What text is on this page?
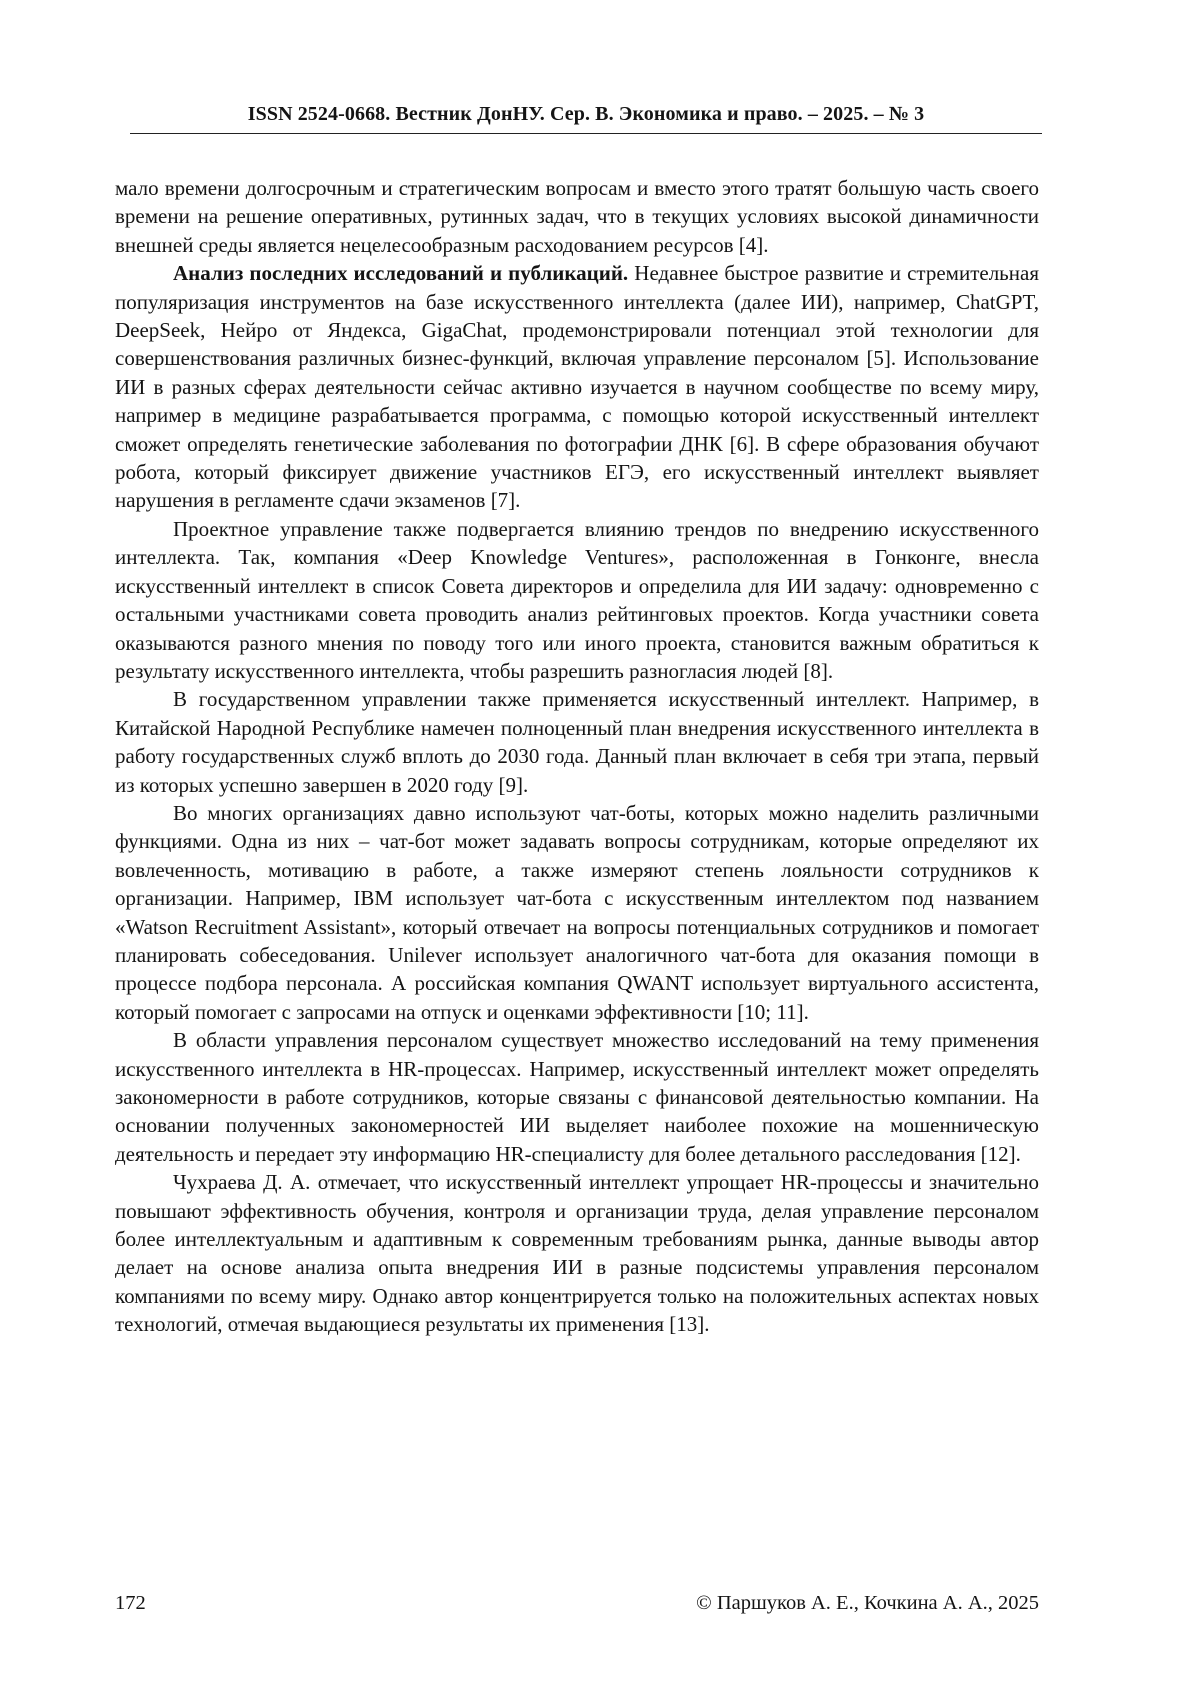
ISSN 2524-0668. Вестник ДонНУ. Сер. В. Экономика и право. – 2025. – № 3

мало времени долгосрочным и стратегическим вопросам и вместо этого тратят большую часть своего времени на решение оперативных, рутинных задач, что в текущих условиях высокой динамичности внешней среды является нецелесообразным расходованием ресурсов [4].

Анализ последних исследований и публикаций. Недавнее быстрое развитие и стремительная популяризация инструментов на базе искусственного интеллекта (далее ИИ), например, ChatGPT, DeepSeek, Нейро от Яндекса, GigaChat, продемонстрировали потенциал этой технологии для совершенствования различных бизнес-функций, включая управление персоналом [5]. Использование ИИ в разных сферах деятельности сейчас активно изучается в научном сообществе по всему миру, например в медицине разрабатывается программа, с помощью которой искусственный интеллект сможет определять генетические заболевания по фотографии ДНК [6]. В сфере образования обучают робота, который фиксирует движение участников ЕГЭ, его искусственный интеллект выявляет нарушения в регламенте сдачи экзаменов [7].

Проектное управление также подвергается влиянию трендов по внедрению искусственного интеллекта. Так, компания «Deep Knowledge Ventures», расположенная в Гонконге, внесла искусственный интеллект в список Совета директоров и определила для ИИ задачу: одновременно с остальными участниками совета проводить анализ рейтинговых проектов. Когда участники совета оказываются разного мнения по поводу того или иного проекта, становится важным обратиться к результату искусственного интеллекта, чтобы разрешить разногласия людей [8].

В государственном управлении также применяется искусственный интеллект. Например, в Китайской Народной Республике намечен полноценный план внедрения искусственного интеллекта в работу государственных служб вплоть до 2030 года. Данный план включает в себя три этапа, первый из которых успешно завершен в 2020 году [9].

Во многих организациях давно используют чат-боты, которых можно наделить различными функциями. Одна из них – чат-бот может задавать вопросы сотрудникам, которые определяют их вовлеченность, мотивацию в работе, а также измеряют степень лояльности сотрудников к организации. Например, IBM использует чат-бота с искусственным интеллектом под названием «Watson Recruitment Assistant», который отвечает на вопросы потенциальных сотрудников и помогает планировать собеседования. Unilever использует аналогичного чат-бота для оказания помощи в процессе подбора персонала. А российская компания QWANT использует виртуального ассистента, который помогает с запросами на отпуск и оценками эффективности [10; 11].

В области управления персоналом существует множество исследований на тему применения искусственного интеллекта в HR-процессах. Например, искусственный интеллект может определять закономерности в работе сотрудников, которые связаны с финансовой деятельностью компании. На основании полученных закономерностей ИИ выделяет наиболее похожие на мошенническую деятельность и передает эту информацию HR-специалисту для более детального расследования [12].

Чухраева Д. А. отмечает, что искусственный интеллект упрощает HR-процессы и значительно повышают эффективность обучения, контроля и организации труда, делая управление персоналом более интеллектуальным и адаптивным к современным требованиям рынка, данные выводы автор делает на основе анализа опыта внедрения ИИ в разные подсистемы управления персоналом компаниями по всему миру. Однако автор концентрируется только на положительных аспектах новых технологий, отмечая выдающиеся результаты их применения [13].

172	© Паршуков А. Е., Кочкина А. А., 2025
